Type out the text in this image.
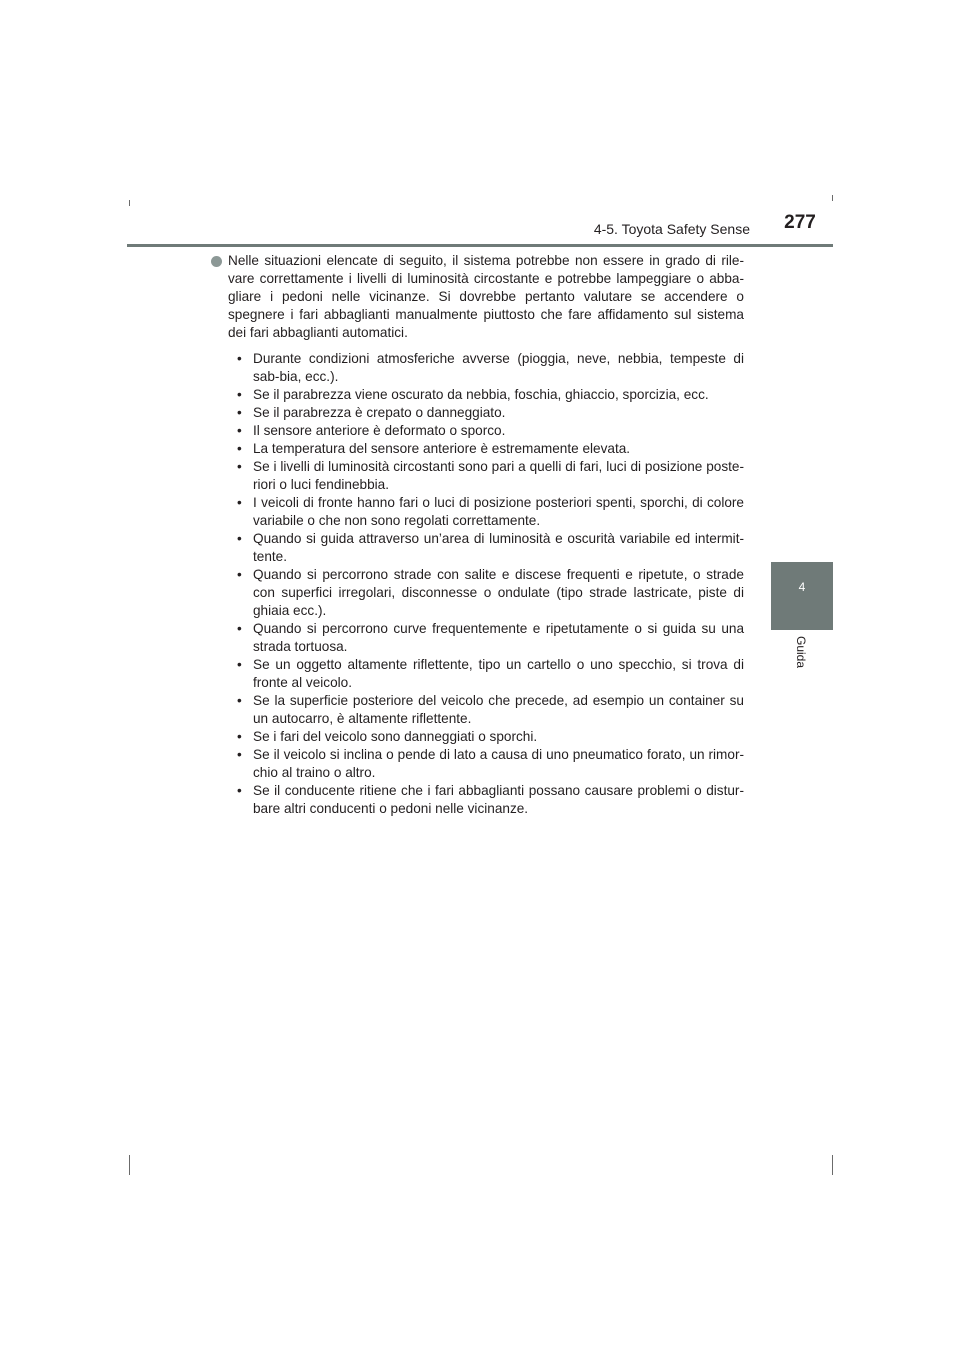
4-5. Toyota Safety Sense	277
4
Guida

Nelle situazioni elencate di seguito, il sistema potrebbe non essere in grado di rile-vare correttamente i livelli di luminosità circostante e potrebbe lampeggiare o abba-gliare i pedoni nelle vicinanze. Si dovrebbe pertanto valutare se accendere o spegnere i fari abbaglianti manualmente piuttosto che fare affidamento sul sistema dei fari abbaglianti automatici.

• Durante condizioni atmosferiche avverse (pioggia, neve, nebbia, tempeste di sab-bia, ecc.).
• Se il parabrezza viene oscurato da nebbia, foschia, ghiaccio, sporcizia, ecc.
• Se il parabrezza è crepato o danneggiato.
• Il sensore anteriore è deformato o sporco.
• La temperatura del sensore anteriore è estremamente elevata.
• Se i livelli di luminosità circostanti sono pari a quelli di fari, luci di posizione poste-riori o luci fendinebbia.
• I veicoli di fronte hanno fari o luci di posizione posteriori spenti, sporchi, di colore variabile o che non sono regolati correttamente.
• Quando si guida attraverso un’area di luminosità e oscurità variabile ed intermit-tente.
• Quando si percorrono strade con salite e discese frequenti e ripetute, o strade con superfici irregolari, disconnesse o ondulate (tipo strade lastricate, piste di ghiaia ecc.).
• Quando si percorrono curve frequentemente e ripetutamente o si guida su una strada tortuosa.
• Se un oggetto altamente riflettente, tipo un cartello o uno specchio, si trova di fronte al veicolo.
• Se la superficie posteriore del veicolo che precede, ad esempio un container su un autocarro, è altamente riflettente.
• Se i fari del veicolo sono danneggiati o sporchi.
• Se il veicolo si inclina o pende di lato a causa di uno pneumatico forato, un rimor-chio al traino o altro.
• Se il conducente ritiene che i fari abbaglianti possano causare problemi o distur-bare altri conducenti o pedoni nelle vicinanze.
